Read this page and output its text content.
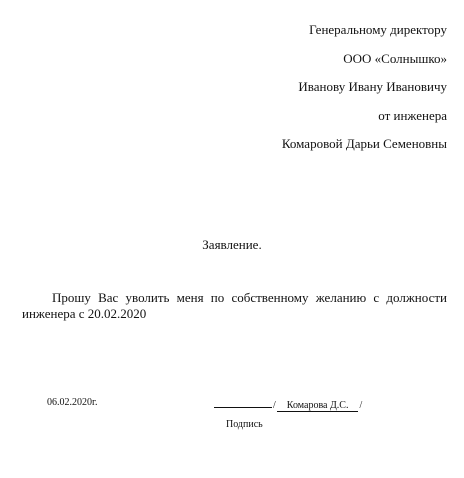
Генеральному директору
ООО «Солнышко»
Иванову Ивану Ивановичу
от инженера
Комаровой Дарьи Семеновны
Заявление.
Прошу Вас уволить меня по собственному желанию с должности инженера с 20.02.2020
06.02.2020г.	/ Комарова Д.С. /
Подпись
